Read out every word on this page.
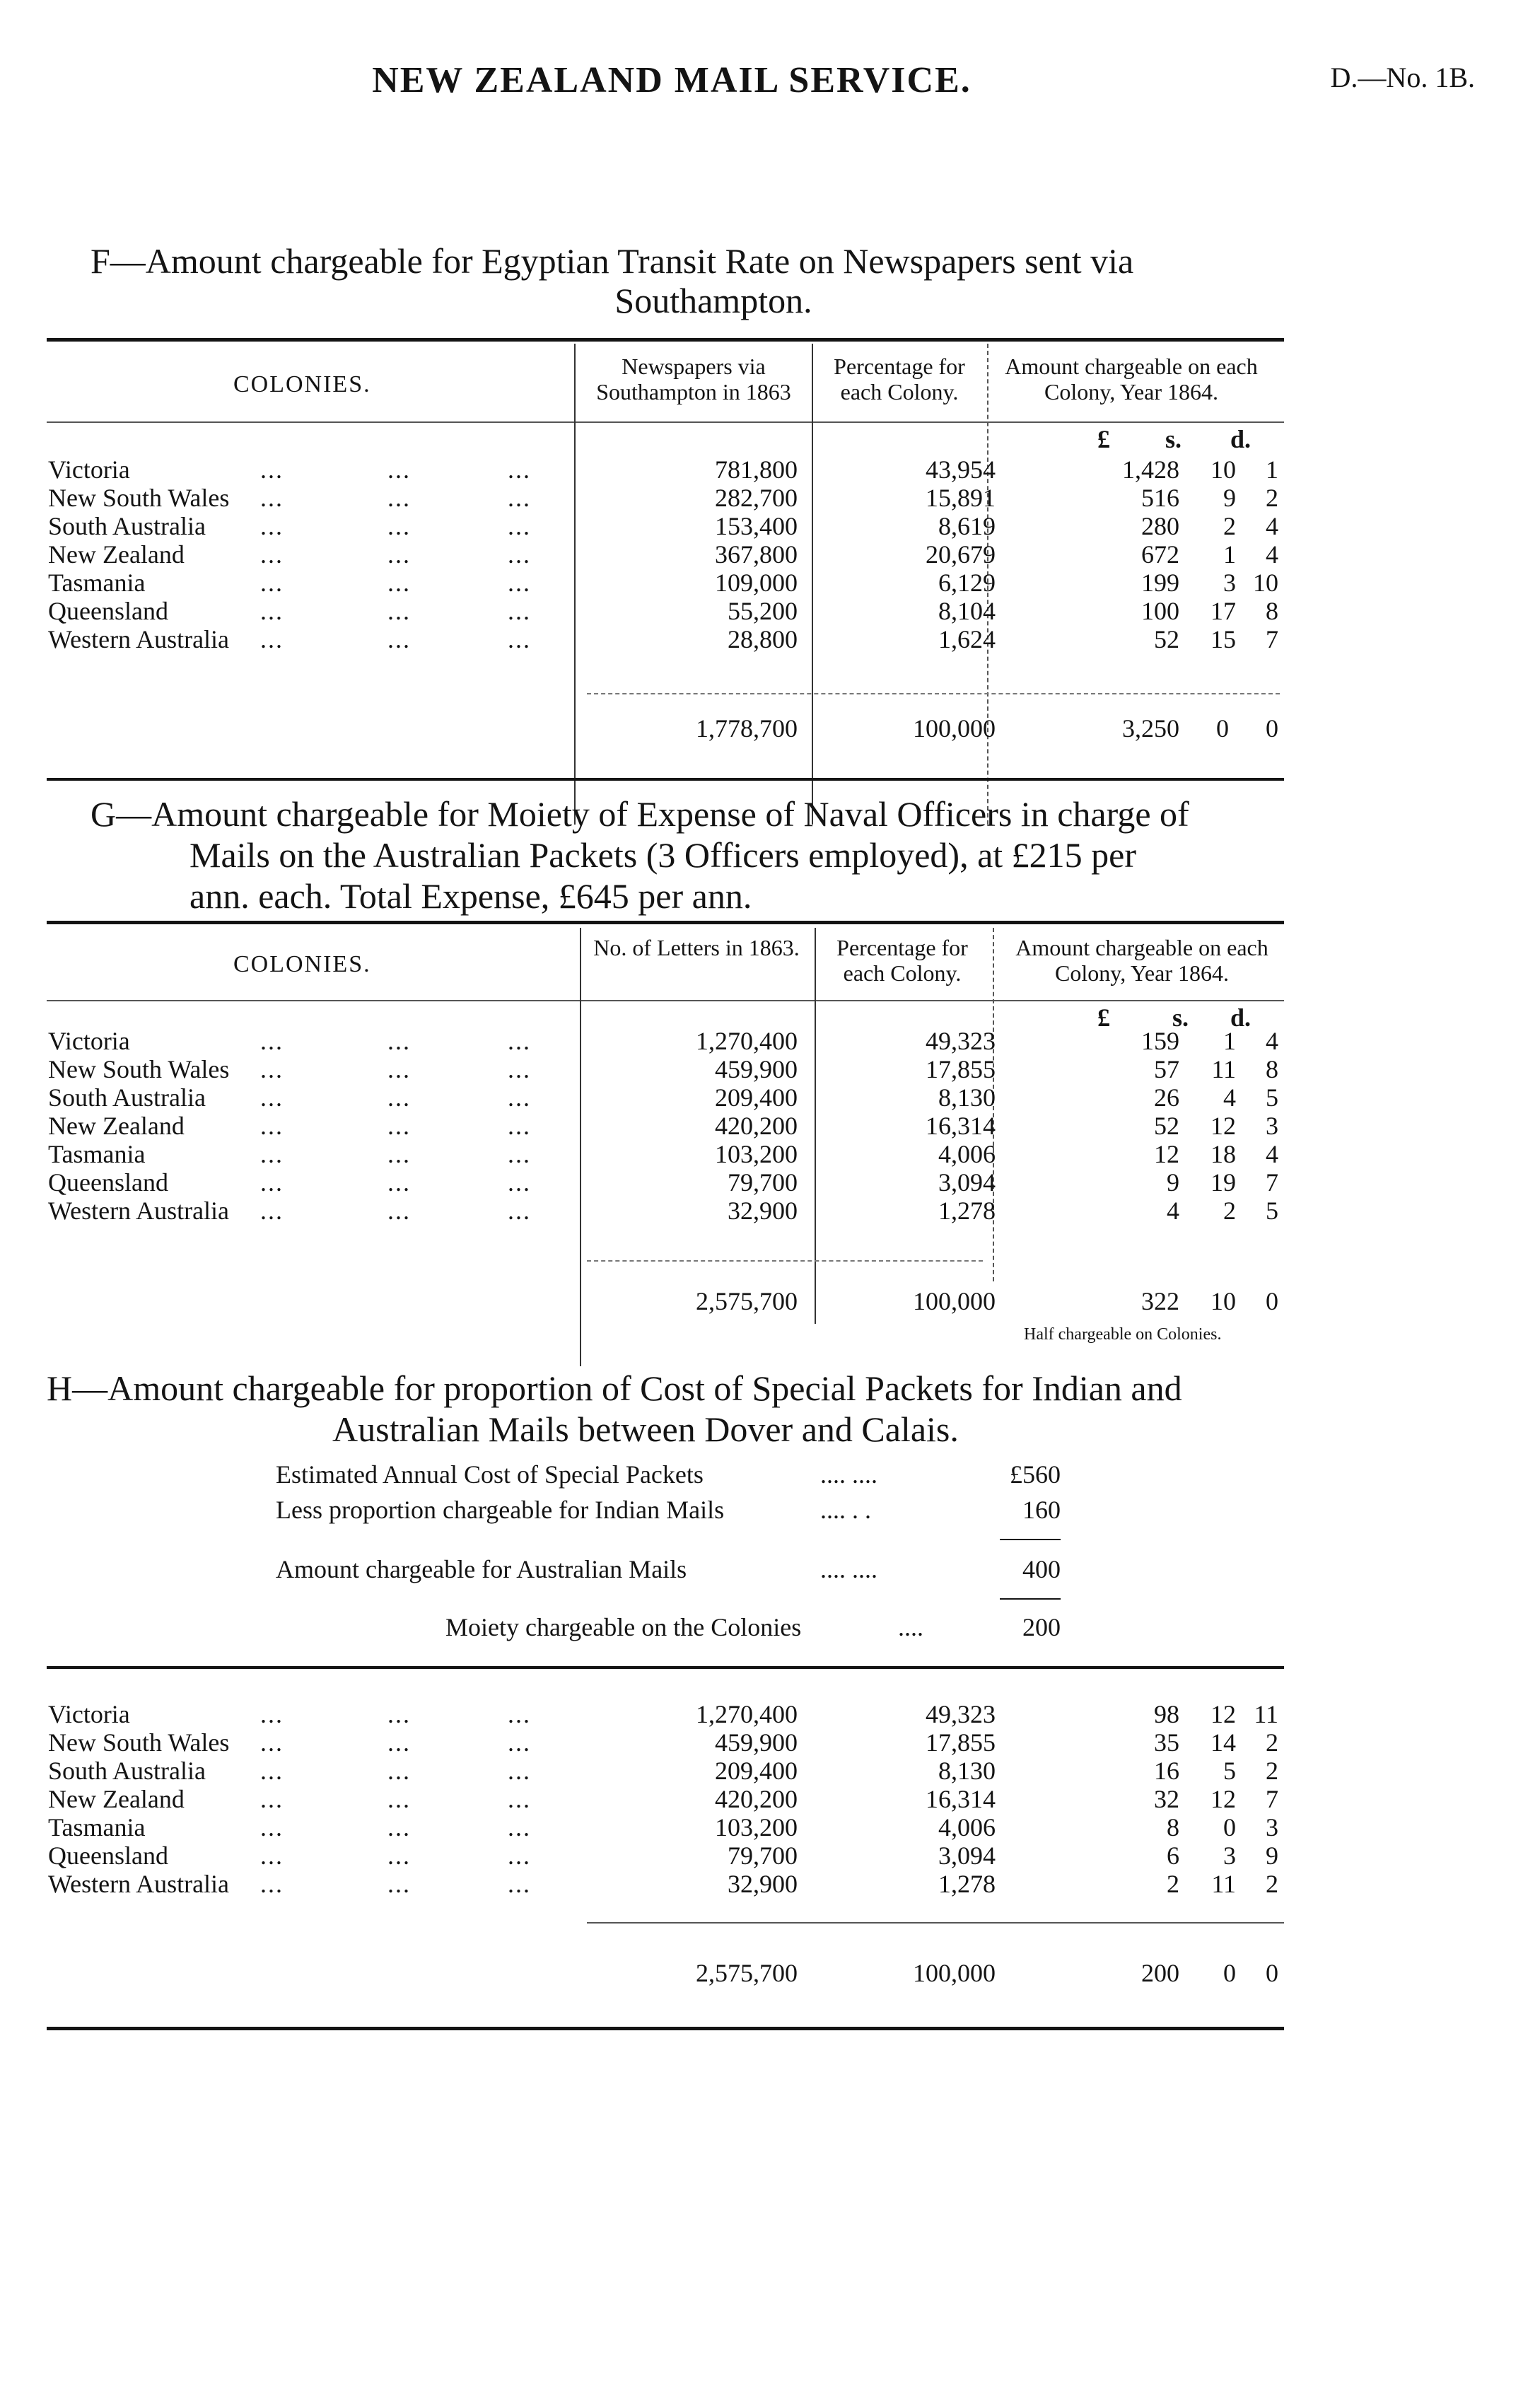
NEW ZEALAND MAIL SERVICE.	D.—No. 1B.
F—Amount chargeable for Egyptian Transit Rate on Newspapers sent via
Southampton.
COLONIES.
Newspapers via Southampton in 1863
Percentage for each Colony.
Amount chargeable on each Colony, Year 1864.
£ s. d.
Victoria	...	...	...	781,800	43,954	1,428	10	1
New South Wales ...	...	...	282,700	15,891	516	9	2
South Australia ...	...	...	153,400	8,619	280	2	4
New Zealand	...	...	...	367,800	20,679	672	1	4
Tasmania	...	...	...	109,000	6,129	199	3 10
Queensland	...	...	...	55,200	8,104	100	17	8
Western Australia ...	...	...	28,800	1,624	52	15	7
1,778,700	100,000	3,250	0	0
G—Amount chargeable for Moiety of Expense of Naval Officers in charge of
Mails on the Australian Packets (3 Officers employed), at £215 per
ann. each. Total Expense, £645 per ann.
COLONIES.
No. of Letters in 1863.	Percentage for each Colony.
Amount chargeable on each Colony, Year 1864.
£ s. d.
Victoria	...	...	...	1,270,400	49,323	159	1	4
New South Wales ...	...	...	459,900	17,855	57	11	8
South Australia ...	...	...	209,400	8,130	26	4	5
New Zealand	...	...	...	420,200	16,314	52	12	3
Tasmania	...	...	...	103,200	4,006	12	18	4
Queensland	...	...	...	79,700	3,094	9	19	7
Western Australia ...	...	...	32,900	1,278	4	2	5
2,575,700	100,000	322	10	0
Half chargeable on Colonies.
H—Amount chargeable for proportion of Cost of Special Packets for Indian and
Australian Mails between Dover and Calais.
Estimated Annual Cost of Special Packets	.... ....	£560
Less proportion chargeable for Indian Mails	.... . .	160
Amount chargeable for Australian Mails	.... ....	400
Moiety chargeable on the Colonies	....	200
Victoria	...	...	...	1,270,400	49,323	98	12 11
New South Wales ...	...	...	459,900	17,855	35	14	2
South Australia ...	...	...	209,400	8,130	16	5	2
New Zealand	...	...	...	420,200	16,314	32	12	7
Tasmania	...	...	...	103,200	4,006	8	0	3
Queensland	...	...	...	79,700	3,094	6	3	9
Western Australia ...	...	...	32,900	1,278	2	11	2
2,575,700	100,000	200	0	0
